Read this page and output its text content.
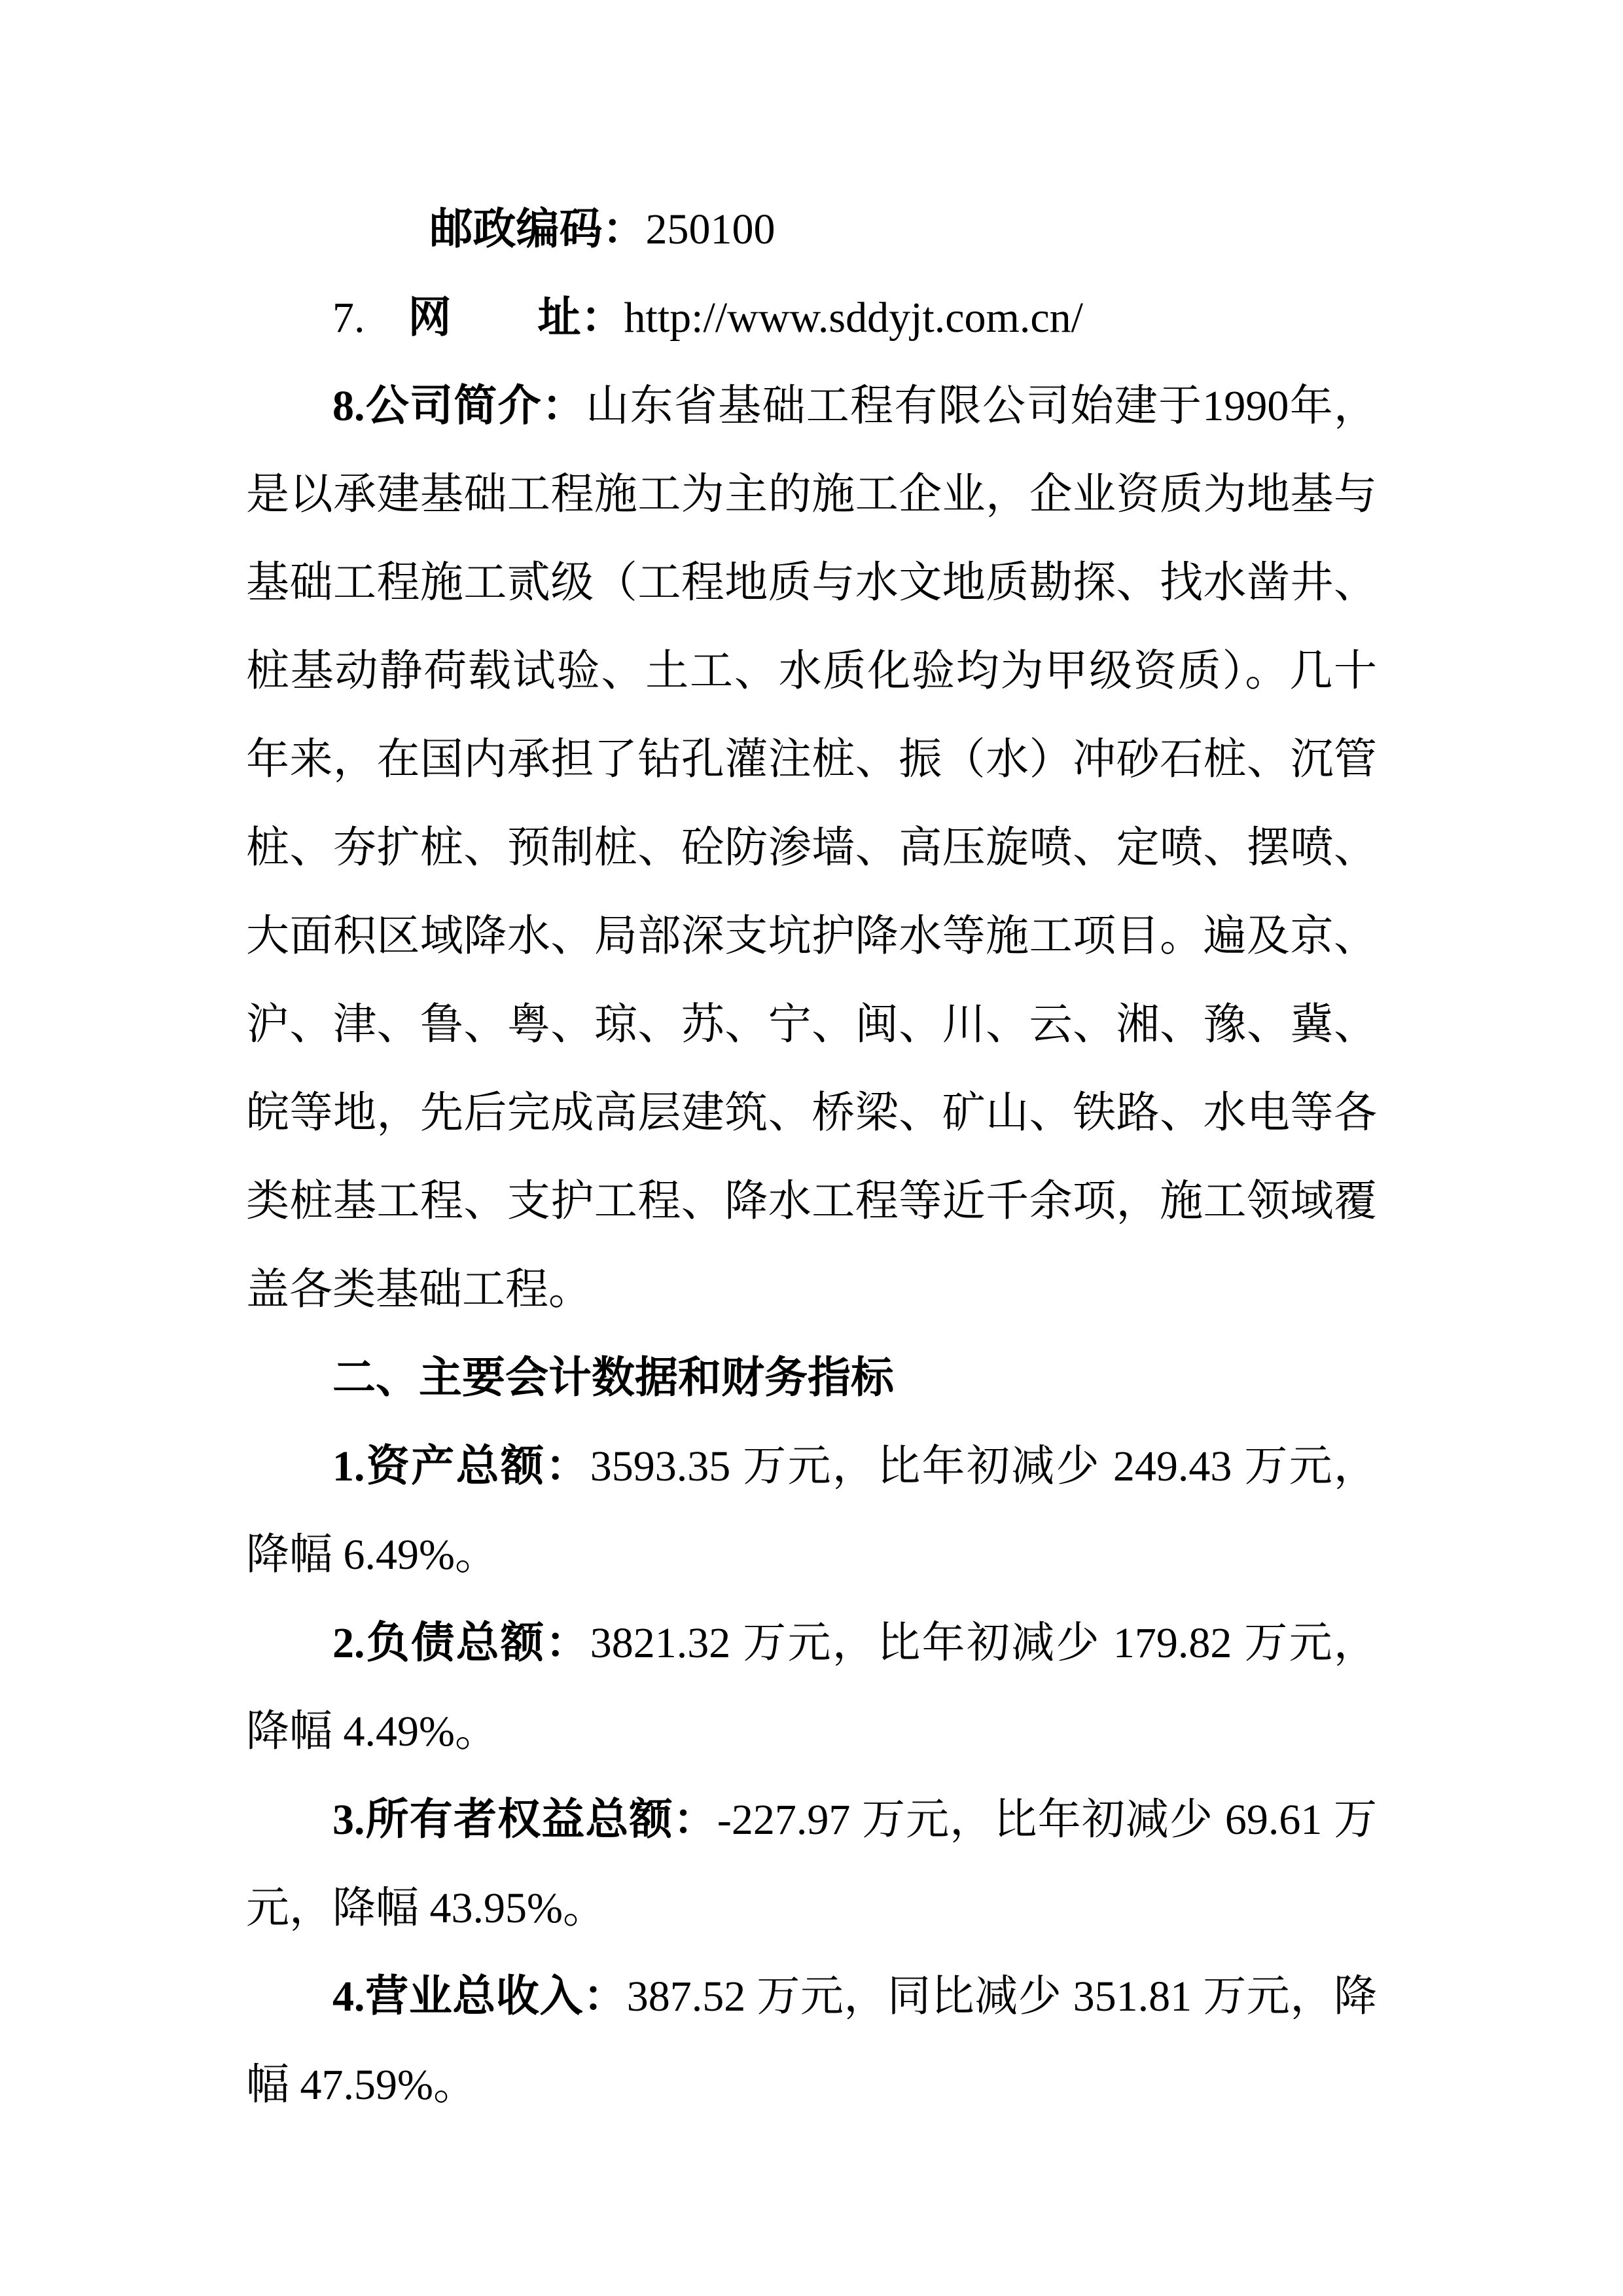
邮政编码：250100
7.　网　　址：http://www.sddyjt.com.cn/
8.公司简介：山东省基础工程有限公司始建于1990年，
是以承建基础工程施工为主的施工企业，企业资质为地基与
基础工程施工贰级（工程地质与水文地质勘探、找水凿井、
桩基动静荷载试验、土工、水质化验均为甲级资质）。几十
年来，在国内承担了钻孔灌注桩、振（水）冲砂石桩、沉管
桩、夯扩桩、预制桩、砼防渗墙、高压旋喷、定喷、摆喷、
大面积区域降水、局部深支坑护降水等施工项目。遍及京、
沪、津、鲁、粤、琼、苏、宁、闽、川、云、湘、豫、冀、
皖等地，先后完成高层建筑、桥梁、矿山、铁路、水电等各
类桩基工程、支护工程、降水工程等近千余项，施工领域覆
盖各类基础工程。
二、主要会计数据和财务指标
1.资产总额：3593.35 万元，比年初减少 249.43 万元，
降幅 6.49%。
2.负债总额：3821.32 万元，比年初减少 179.82 万元，
降幅 4.49%。
3.所有者权益总额：-227.97 万元，比年初减少 69.61 万
元，降幅 43.95%。
4.营业总收入：387.52 万元，同比减少 351.81 万元，降
幅 47.59%。
